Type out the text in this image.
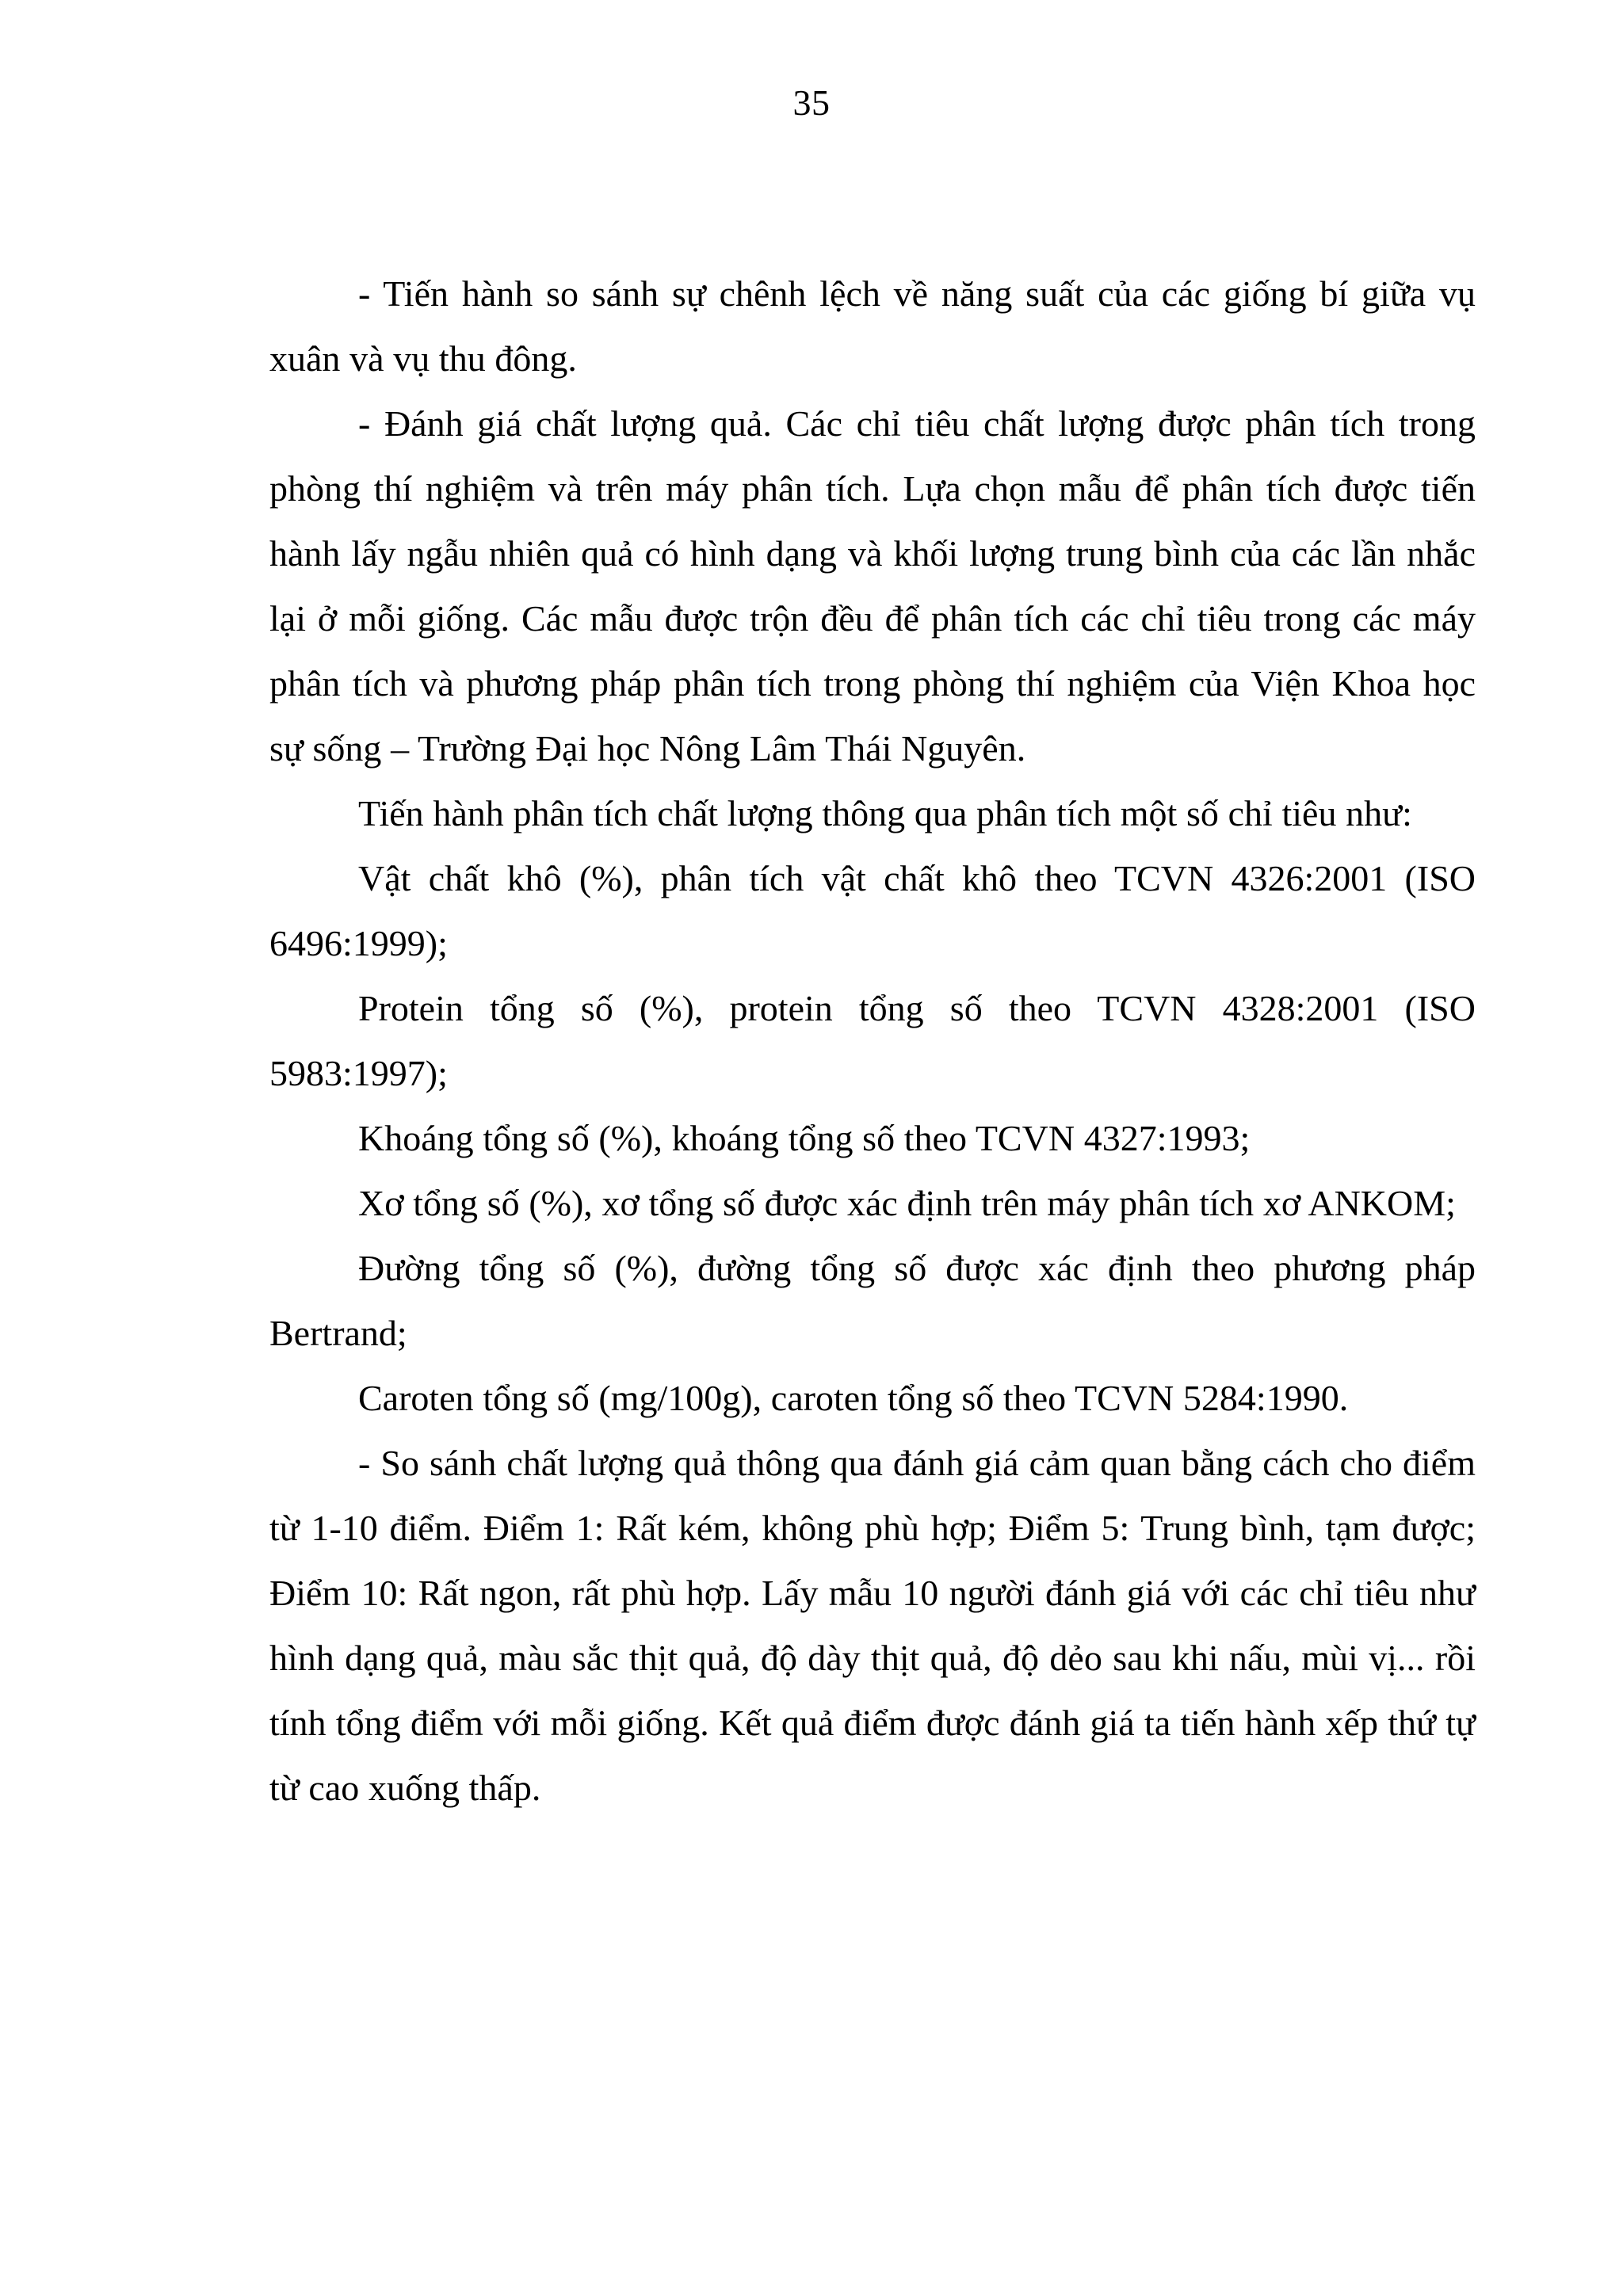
35

- Tiến hành so sánh sự chênh lệch về năng suất của các giống bí giữa vụ xuân và vụ thu đông.

- Đánh giá chất lượng quả. Các chỉ tiêu chất lượng được phân tích trong phòng thí nghiệm và trên máy phân tích. Lựa chọn mẫu để phân tích được tiến hành lấy ngẫu nhiên quả có hình dạng và khối lượng trung bình của các lần nhắc lại ở mỗi giống. Các mẫu được trộn đều để phân tích các chỉ tiêu trong các máy phân tích và phương pháp phân tích trong phòng thí nghiệm của Viện Khoa học sự sống – Trường Đại học Nông Lâm Thái Nguyên.

Tiến hành phân tích chất lượng thông qua phân tích một số chỉ tiêu như:

Vật chất khô (%), phân tích vật chất khô theo TCVN 4326:2001 (ISO 6496:1999);

Protein tổng số (%), protein tổng số theo TCVN 4328:2001 (ISO 5983:1997);

Khoáng tổng số (%), khoáng tổng số theo TCVN 4327:1993;

Xơ tổng số (%), xơ tổng số được xác định trên máy phân tích xơ ANKOM;

Đường tổng số (%), đường tổng số được xác định theo phương pháp Bertrand;

Caroten tổng số (mg/100g), caroten tổng số theo TCVN 5284:1990.

- So sánh chất lượng quả thông qua đánh giá cảm quan bằng cách cho điểm từ 1-10 điểm. Điểm 1: Rất kém, không phù hợp; Điểm 5: Trung bình, tạm được; Điểm 10: Rất ngon, rất phù hợp. Lấy mẫu 10 người đánh giá với các chỉ tiêu như hình dạng quả, màu sắc thịt quả, độ dày thịt quả, độ dẻo sau khi nấu, mùi vị... rồi tính tổng điểm với mỗi giống. Kết quả điểm được đánh giá ta tiến hành xếp thứ tự từ cao xuống thấp.
